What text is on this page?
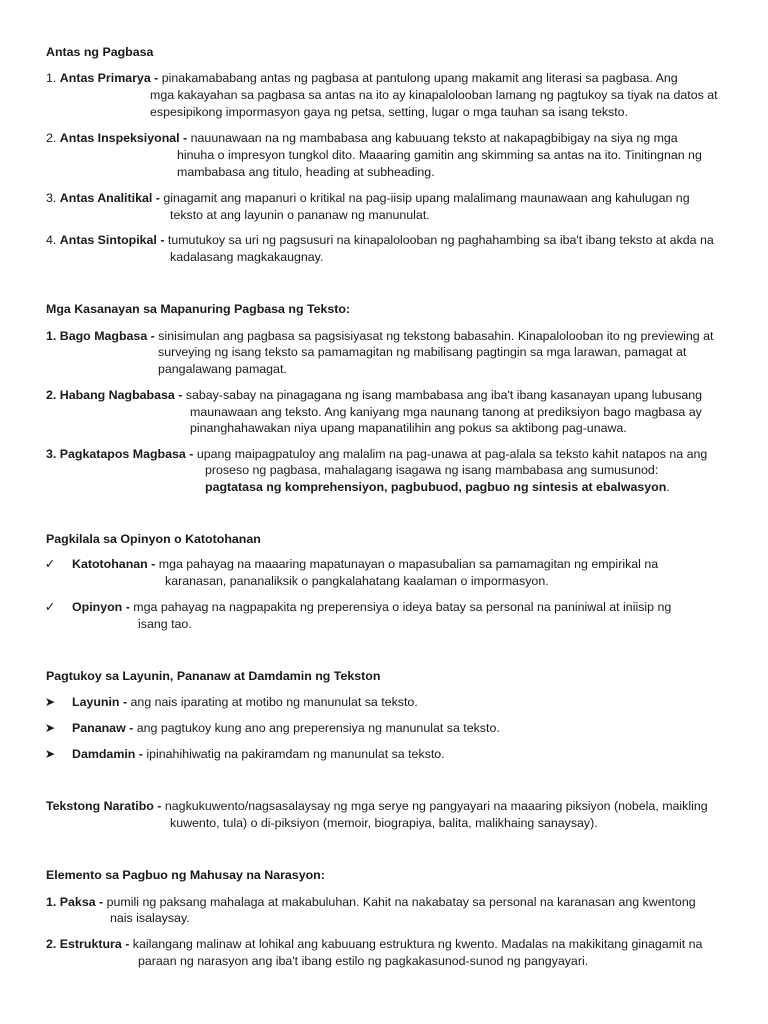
Antas ng Pagbasa
1. Antas Primarya - pinakamababang antas ng pagbasa at pantulong upang makamit ang literasi sa pagbasa. Ang
mga kakayahan sa pagbasa sa antas na ito ay kinapalolooban lamang ng pagtukoy sa tiyak na datos at
espesipikong impormasyon gaya ng petsa, setting, lugar o mga tauhan sa isang teksto.
2. Antas Inspeksiyonal - nauunawaan na ng mambabasa ang kabuuang teksto at nakapagbibigay na siya ng mga
hinuha o impresyon tungkol dito. Maaaring gamitin ang skimming sa antas na ito. Tinitingnan ng
mambabasa ang titulo, heading at subheading.
3. Antas Analitikal - ginagamit ang mapanuri o kritikal na pag-iisip upang malalimang maunawaan ang kahulugan ng
teksto at ang layunin o pananaw ng manunulat.
4. Antas Sintopikal - tumutukoy sa uri ng pagsusuri na kinapalolooban ng paghahambing sa iba't ibang teksto at akda na
kadalasang magkakaugnay.
Mga Kasanayan sa Mapanuring Pagbasa ng Teksto:
1. Bago Magbasa - sinisimulan ang pagbasa sa pagsisiyasat ng tekstong babasahin. Kinapalolooban ito ng previewing at
surveying ng isang teksto sa pamamagitan ng mabilisang pagtingin sa mga larawan, pamagat at
pangalawang pamagat.
2. Habang Nagbabasa - sabay-sabay na pinagagana ng isang mambabasa ang iba't ibang kasanayan upang lubusang
maunawaan ang teksto. Ang kaniyang mga naunang tanong at prediksiyon bago magbasa ay
pinanghahawakan niya upang mapanatilihin ang pokus sa aktibong pag-unawa.
3. Pagkatapos Magbasa - upang maipagpatuloy ang malalim na pag-unawa at pag-alala sa teksto kahit natapos na ang
proseso ng pagbasa, mahalagang isagawa ng isang mambabasa ang sumusunod:
pagtatasa ng komprehensiyon, pagbubuod, pagbuo ng sintesis at ebalwasyon.
Pagkilala sa Opinyon o Katotohanan
✓ Katotohanan - mga pahayag na maaaring mapatunayan o mapasubalian sa pamamagitan ng empirikal na
karanasan, pananaliksik o pangkalahatang kaalaman o impormasyon.
✓ Opinyon - mga pahayag na nagpapakita ng preperensiya o ideya batay sa personal na paniniwal at iniisip ng
isang tao.
Pagtukoy sa Layunin, Pananaw at Damdamin ng Tekston
➤ Layunin - ang nais iparating at motibo ng manunulat sa teksto.
➤ Pananaw - ang pagtukoy kung ano ang preperensiya ng manunulat sa teksto.
➤ Damdamin - ipinahihiwatig na pakiramdam ng manunulat sa teksto.
Tekstong Naratibo - nagkukuwento/nagsasalaysay ng mga serye ng pangyayari na maaaring piksiyon (nobela, maikling
kuwento, tula) o di-piksiyon (memoir, biograpiya, balita, malikhaing sanaysay).
Elemento sa Pagbuo ng Mahusay na Narasyon:
1. Paksa - pumili ng paksang mahalaga at makabuluhan. Kahit na nakabatay sa personal na karanasan ang kwentong
nais isalaysay.
2. Estruktura - kailangang malinaw at lohikal ang kabuuang estruktura ng kwento. Madalas na makikitang ginagamit na
paraan ng narasyon ang iba't ibang estilo ng pagkakasunod-sunod ng pangyayari.
